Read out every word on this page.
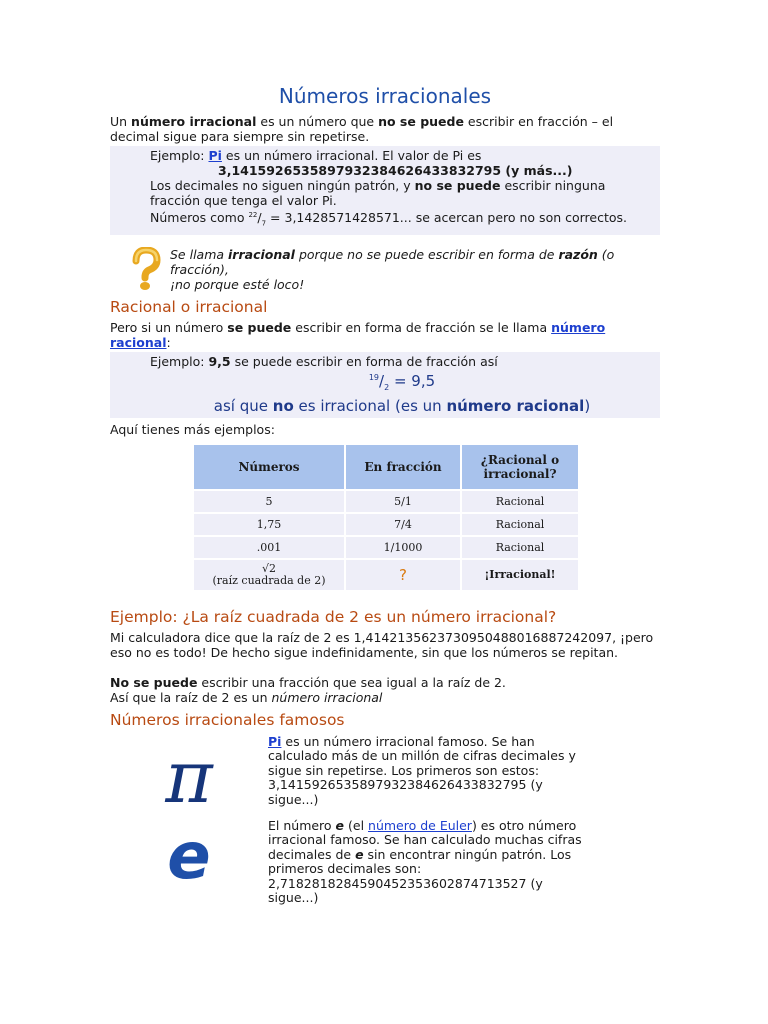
Números irracionales

Un número irracional es un número que no se puede escribir en fracción – el decimal sigue para siempre sin repetirse.

Ejemplo: Pi es un número irracional. El valor de Pi es

3,1415926535897932384626433832795 (y más...)

Los decimales no siguen ningún patrón, y no se puede escribir ninguna fracción que tenga el valor Pi.

Números como $^{22}/_7 = 3,1428571428571$... se acercan pero no son correctos.

Se llama irracional porque no se puede escribir en forma de razón (o fracción),
¡no porque esté loco!
Racional o irracional

Pero si un número se puede escribir en forma de fracción se le llama número racional:

Ejemplo: 9,5 se puede escribir en forma de fracción así

$^{19}/_2 = 9,5$
así que no es irracional (es un número racional)

Aquí tienes más ejemplos:

Números	En fracción	¿Racional o irracional?
5	5/1	Racional
1,75	7/4	Racional
.001	1/1000	Racional
√2
(raíz cuadrada de 2)	?	¡Irracional!
Ejemplo: ¿La raíz cuadrada de 2 es un número irracional?

Mi calculadora dice que la raíz de 2 es 1,4142135623730950488016887242097, ¡pero eso no es todo! De hecho sigue indefinidamente, sin que los números se repitan.

No se puede escribir una fracción que sea igual a la raíz de 2.

Así que la raíz de 2 es un número irracional

Números irracionales famosos
π	Pi es un número irracional famoso. Se han calculado más de un millón de cifras decimales y sigue sin repetirse. Los primeros son estos: 3,1415926535897932384626433832795 (y sigue...)

e	El número e (el número de Euler) es otro número irracional famoso. Se han calculado muchas cifras decimales de e sin encontrar ningún patrón. Los primeros decimales son: 2,7182818284590452353602874713527 (y sigue...)
